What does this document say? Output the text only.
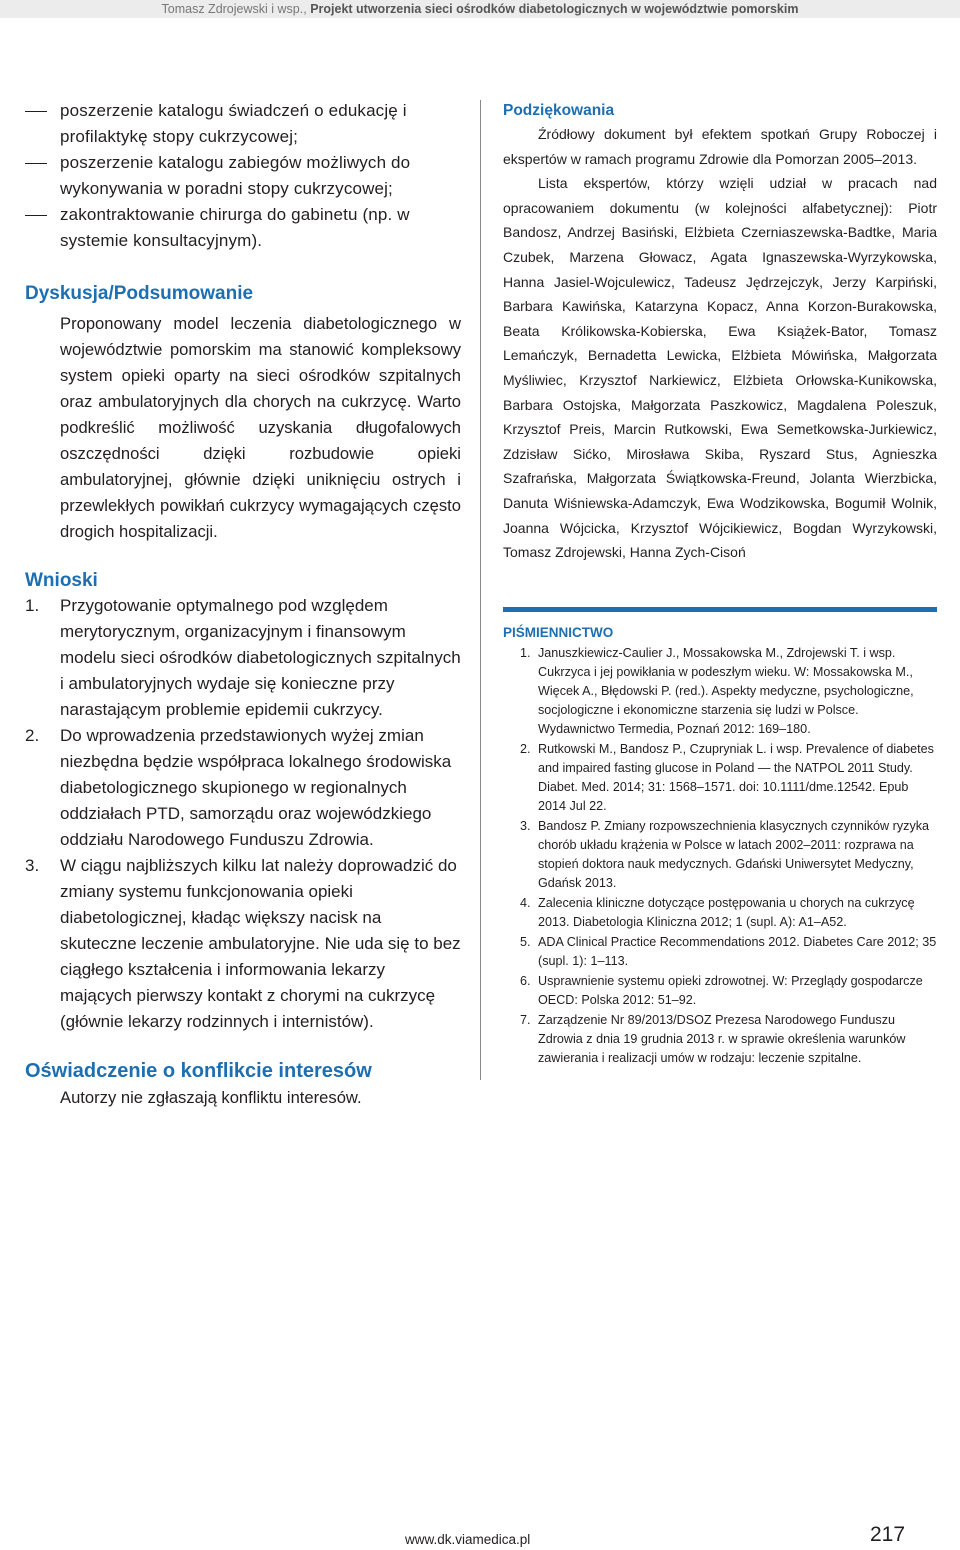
Tomasz Zdrojewski i wsp., Projekt utworzenia sieci ośrodków diabetologicznych w województwie pomorskim
poszerzenie katalogu świadczeń o edukację i profilaktykę stopy cukrzycowej;
poszerzenie katalogu zabiegów możliwych do wykonywania w poradni stopy cukrzycowej;
zakontraktowanie chirurga do gabinetu (np. w systemie konsultacyjnym).
Dyskusja/Podsumowanie

Proponowany model leczenia diabetologicznego w województwie pomorskim ma stanowić kompleksowy system opieki oparty na sieci ośrodków szpitalnych oraz ambulatoryjnych dla chorych na cukrzycę. Warto podkreślić możliwość uzyskania długofalowych oszczędności dzięki rozbudowie opieki ambulatoryjnej, głównie dzięki uniknięciu ostrych i przewlekłych powikłań cukrzycy wymagających często drogich hospitalizacji.

Wnioski
1. Przygotowanie optymalnego pod względem merytorycznym, organizacyjnym i finansowym modelu sieci ośrodków diabetologicznych szpitalnych i ambulatoryjnych wydaje się konieczne przy narastającym problemie epidemii cukrzycy.
2. Do wprowadzenia przedstawionych wyżej zmian niezbędna będzie współpraca lokalnego środowiska diabetologicznego skupionego w regionalnych oddziałach PTD, samorządu oraz wojewódzkiego oddziału Narodowego Funduszu Zdrowia.
3. W ciągu najbliższych kilku lat należy doprowadzić do zmiany systemu funkcjonowania opieki diabetologicznej, kładąc większy nacisk na skuteczne leczenie ambulatoryjne. Nie uda się to bez ciągłego kształcenia i informowania lekarzy mających pierwszy kontakt z chorymi na cukrzycę (głównie lekarzy rodzinnych i internistów).
Oświadczenie o konflikcie interesów

Autorzy nie zgłaszają konfliktu interesów.

Podziękowania

Źródłowy dokument był efektem spotkań Grupy Roboczej i ekspertów w ramach programu Zdrowie dla Pomorzan 2005–2013.

Lista ekspertów, którzy wzięli udział w pracach nad opracowaniem dokumentu (w kolejności alfabetycznej): Piotr Bandosz, Andrzej Basiński, Elżbieta Czerniaszewska-Badtke, Maria Czubek, Marzena Głowacz, Agata Ignaszewska-Wyrzykowska, Hanna Jasiel-Wojculewicz, Tadeusz Jędrzejczyk, Jerzy Karpiński, Barbara Kawińska, Katarzyna Kopacz, Anna Korzon-Burakowska, Beata Królikowska-Kobierska, Ewa Książek-Bator, Tomasz Lemańczyk, Bernadetta Lewicka, Elżbieta Mówińska, Małgorzata Myśliwiec, Krzysztof Narkiewicz, Elżbieta Orłowska-Kunikowska, Barbara Ostojska, Małgorzata Paszkowicz, Magdalena Poleszuk, Krzysztof Preis, Marcin Rutkowski, Ewa Semetkowska-Jurkiewicz, Zdzisław Sićko, Mirosława Skiba, Ryszard Stus, Agnieszka Szafrańska, Małgorzata Świątkowska-Freund, Jolanta Wierzbicka, Danuta Wiśniewska-Adamczyk, Ewa Wodzikowska, Bogumił Wolnik, Joanna Wójcicka, Krzysztof Wójcikiewicz, Bogdan Wyrzykowski, Tomasz Zdrojewski, Hanna Zych-Cisoń

PIŚMIENNICTWO
1. Januszkiewicz-Caulier J., Mossakowska M., Zdrojewski T. i wsp. Cukrzyca i jej powikłania w podeszłym wieku. W: Mossakowska M., Więcek A., Błędowski P. (red.). Aspekty medyczne, psychologiczne, socjologiczne i ekonomiczne starzenia się ludzi w Polsce. Wydawnictwo Termedia, Poznań 2012: 169–180.
2. Rutkowski M., Bandosz P., Czupryniak L. i wsp. Prevalence of diabetes and impaired fasting glucose in Poland — the NATPOL 2011 Study. Diabet. Med. 2014; 31: 1568–1571. doi: 10.1111/dme.12542. Epub 2014 Jul 22.
3. Bandosz P. Zmiany rozpowszechnienia klasycznych czynników ryzyka chorób układu krążenia w Polsce w latach 2002–2011: rozprawa na stopień doktora nauk medycznych. Gdański Uniwersytet Medyczny, Gdańsk 2013.
4. Zalecenia kliniczne dotyczące postępowania u chorych na cukrzycę 2013. Diabetologia Kliniczna 2012; 1 (supl. A): A1–A52.
5. ADA Clinical Practice Recommendations 2012. Diabetes Care 2012; 35 (supl. 1): 1–113.
6. Usprawnienie systemu opieki zdrowotnej. W: Przeglądy gospodarcze OECD: Polska 2012: 51–92.
7. Zarządzenie Nr 89/2013/DSOZ Prezesa Narodowego Funduszu Zdrowia z dnia 19 grudnia 2013 r. w sprawie określenia warunków zawierania i realizacji umów w rodzaju: leczenie szpitalne.
www.dk.viamedica.pl	217
